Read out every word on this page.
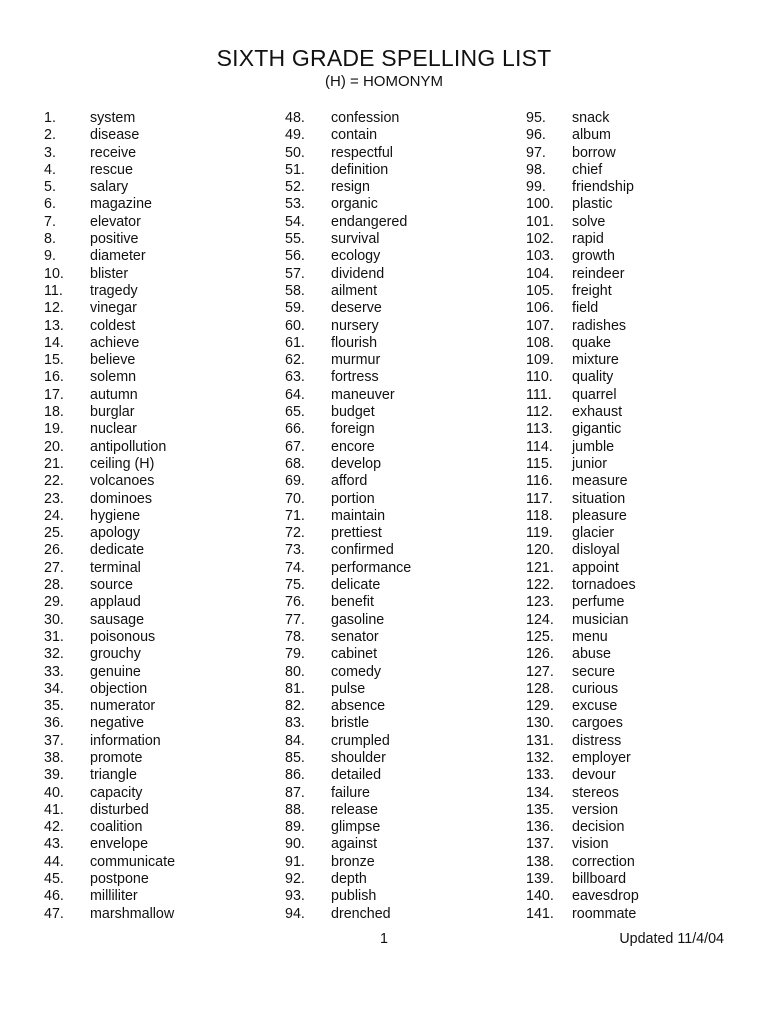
SIXTH GRADE SPELLING LIST
(H) = HOMONYM
1. system
2. disease
3. receive
4. rescue
5. salary
6. magazine
7. elevator
8. positive
9. diameter
10. blister
11. tragedy
12. vinegar
13. coldest
14. achieve
15. believe
16. solemn
17. autumn
18. burglar
19. nuclear
20. antipollution
21. ceiling (H)
22. volcanoes
23. dominoes
24. hygiene
25. apology
26. dedicate
27. terminal
28. source
29. applaud
30. sausage
31. poisonous
32. grouchy
33. genuine
34. objection
35. numerator
36. negative
37. information
38. promote
39. triangle
40. capacity
41. disturbed
42. coalition
43. envelope
44. communicate
45. postpone
46. milliliter
47. marshmallow
48. confession
49. contain
50. respectful
51. definition
52. resign
53. organic
54. endangered
55. survival
56. ecology
57. dividend
58. ailment
59. deserve
60. nursery
61. flourish
62. murmur
63. fortress
64. maneuver
65. budget
66. foreign
67. encore
68. develop
69. afford
70. portion
71. maintain
72. prettiest
73. confirmed
74. performance
75. delicate
76. benefit
77. gasoline
78. senator
79. cabinet
80. comedy
81. pulse
82. absence
83. bristle
84. crumpled
85. shoulder
86. detailed
87. failure
88. release
89. glimpse
90. against
91. bronze
92. depth
93. publish
94. drenched
95. snack
96. album
97. borrow
98. chief
99. friendship
100. plastic
101. solve
102. rapid
103. growth
104. reindeer
105. freight
106. field
107. radishes
108. quake
109. mixture
110. quality
111. quarrel
112. exhaust
113. gigantic
114. jumble
115. junior
116. measure
117. situation
118. pleasure
119. glacier
120. disloyal
121. appoint
122. tornadoes
123. perfume
124. musician
125. menu
126. abuse
127. secure
128. curious
129. excuse
130. cargoes
131. distress
132. employer
133. devour
134. stereos
135. version
136. decision
137. vision
138. correction
139. billboard
140. eavesdrop
141. roommate
1	Updated 11/4/04
